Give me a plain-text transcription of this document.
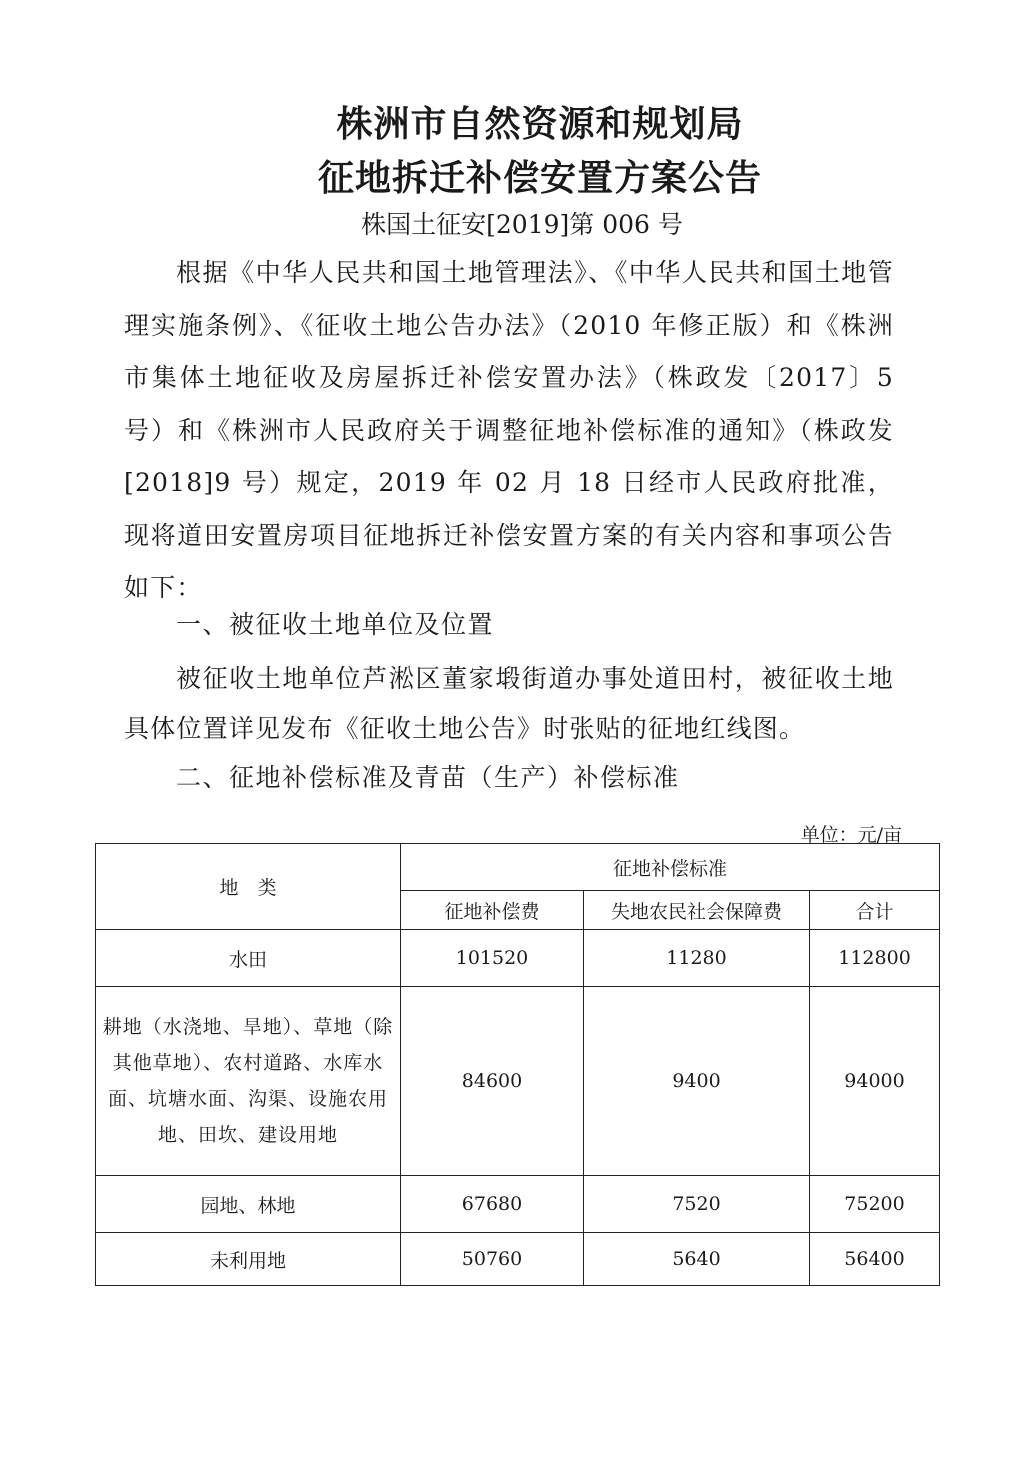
株洲市自然资源和规划局
征地拆迁补偿安置方案公告
株国土征安[2019]第 006 号

根据《中华人民共和国土地管理法》、《中华人民共和国土地管理实施条例》、《征收土地公告办法》（2010 年修正版）和《株洲市集体土地征收及房屋拆迁补偿安置办法》（株政发〔2017〕5 号）和《株洲市人民政府关于调整征地补偿标准的通知》（株政发[2018]9 号）规定，2019 年 02 月 18 日经市人民政府批准，现将道田安置房项目征地拆迁补偿安置方案的有关内容和事项公告如下：

一、被征收土地单位及位置

被征收土地单位芦淞区董家塅街道办事处道田村，被征收土地具体位置详见发布《征收土地公告》时张贴的征地红线图。

二、征地补偿标准及青苗（生产）补偿标准
单位：元/亩
地　类	征地补偿标准		
	征地补偿费	失地农民社会保障费	合计
水田	101520	11280	112800
耕地（水浇地、旱地）、草地（除其他草地）、农村道路、水库水面、坑塘水面、沟渠、设施农用地、田坎、建设用地	84600	9400	94000
园地、林地	67680	7520	75200
未利用地	50760	5640	56400
